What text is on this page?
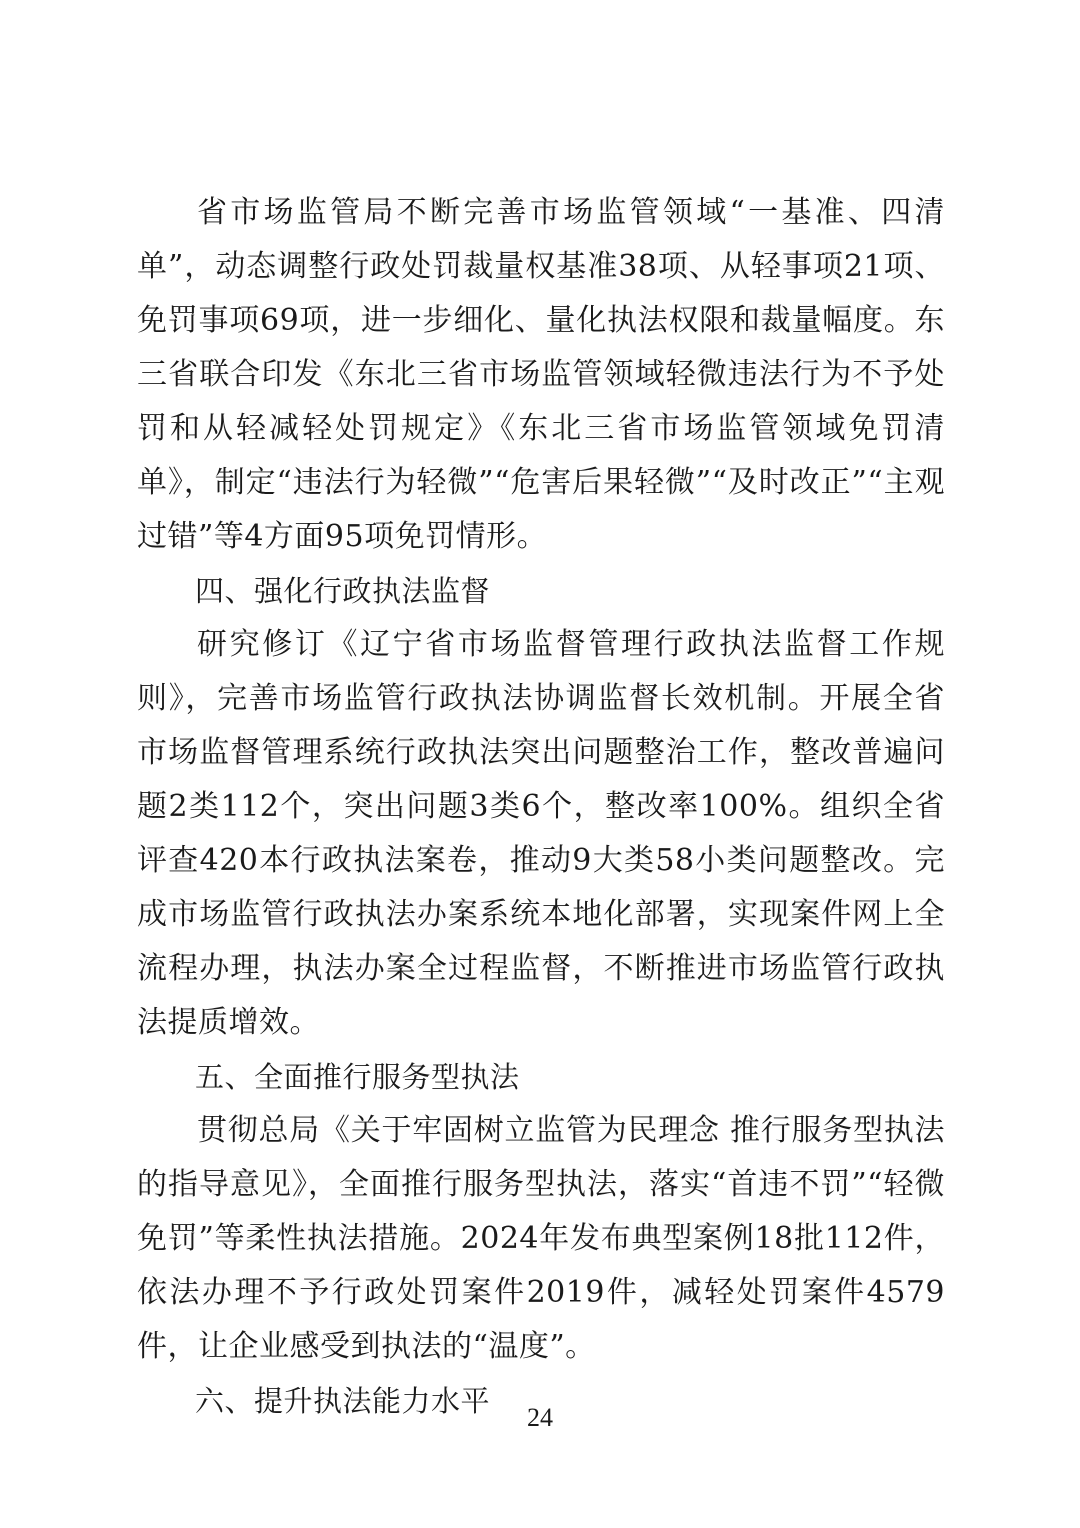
省市场监管局不断完善市场监管领域“一基准、四清单”，动态调整行政处罚裁量权基准38项、从轻事项21项、免罚事项69项，进一步细化、量化执法权限和裁量幅度。东三省联合印发《东北三省市场监管领域轻微违法行为不予处罚和从轻减轻处罚规定》《东北三省市场监管领域免罚清单》，制定“违法行为轻微”“危害后果轻微”“及时改正”“主观过错”等4方面95项免罚情形。

四、强化行政执法监督

研究修订《辽宁省市场监督管理行政执法监督工作规则》，完善市场监管行政执法协调监督长效机制。开展全省市场监督管理系统行政执法突出问题整治工作，整改普遍问题2类112个，突出问题3类6个，整改率100%。组织全省评查420本行政执法案卷，推动9大类58小类问题整改。完成市场监管行政执法办案系统本地化部署，实现案件网上全流程办理，执法办案全过程监督，不断推进市场监管行政执法提质增效。

五、全面推行服务型执法

贯彻总局《关于牢固树立监管为民理念 推行服务型执法的指导意见》，全面推行服务型执法，落实“首违不罚”“轻微免罚”等柔性执法措施。2024年发布典型案例18批112件，依法办理不予行政处罚案件2019件，减轻处罚案件4579件，让企业感受到执法的“温度”。

六、提升执法能力水平	24
